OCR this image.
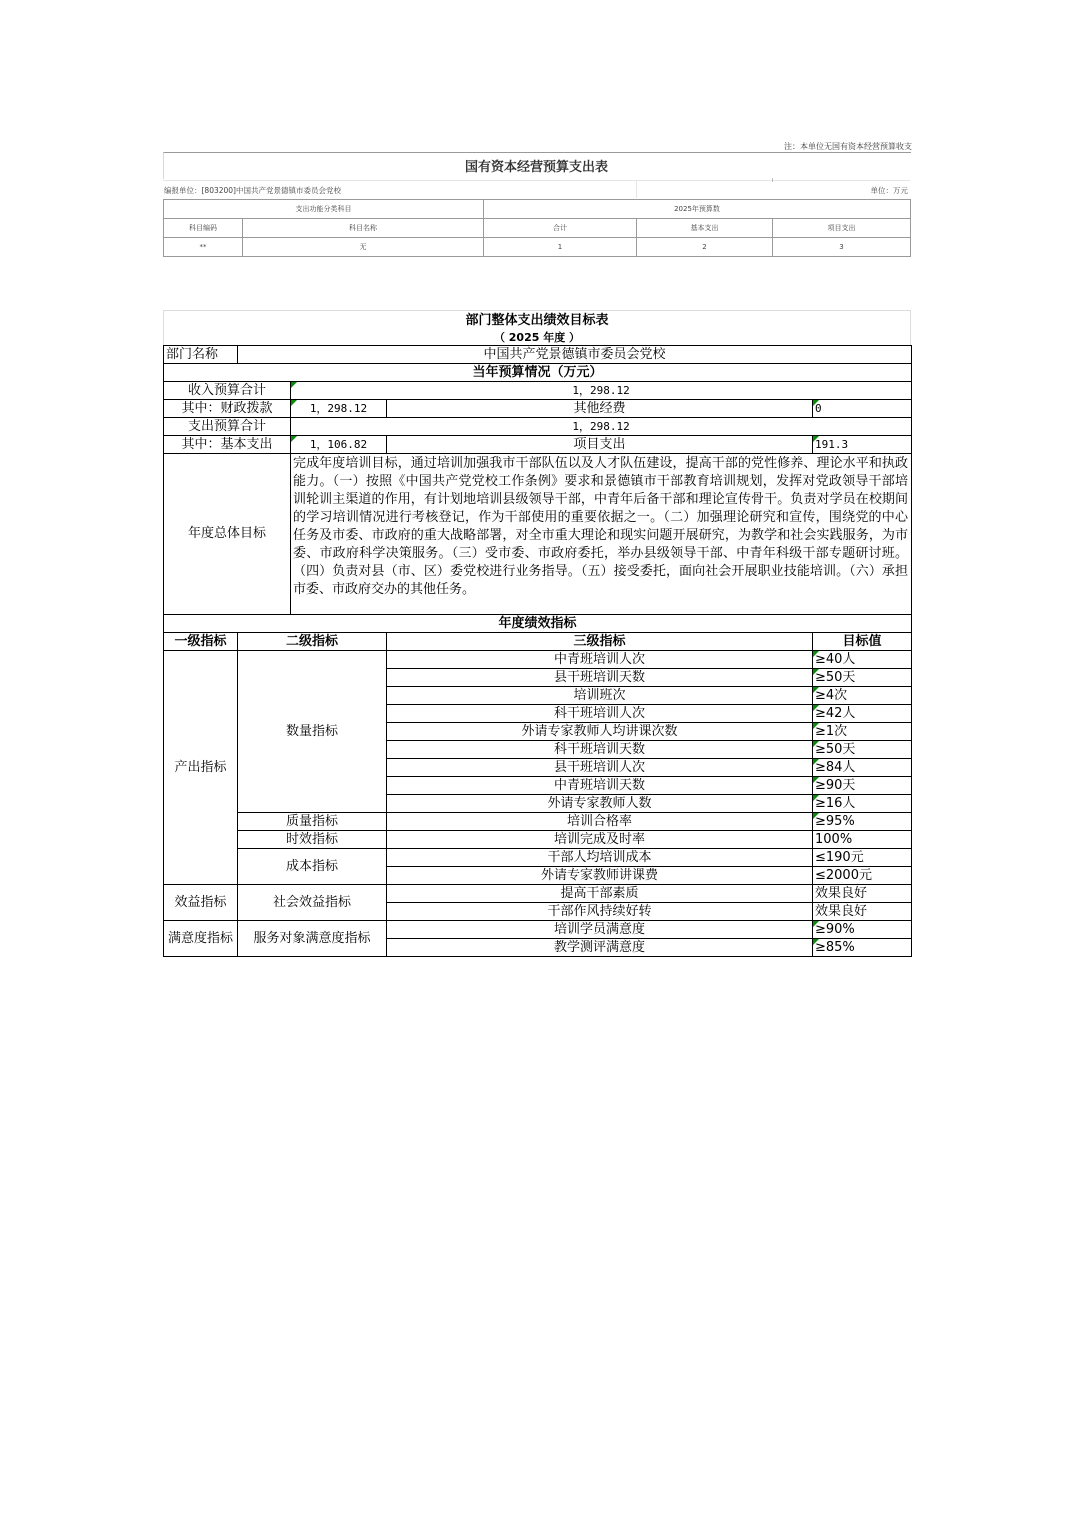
注：本单位无国有资本经营预算收支
国有资本经营预算支出表
编报单位：[803200]中国共产党景德镇市委员会党校	单位：万元
支出功能分类科目		2025年预算数		
科目编码	科目名称	合计	基本支出	项目支出
**	无	1	2	3
部门整体支出绩效目标表
（ 2025 年度 ）
部门名称	中国共产党景德镇市委员会党校			
当年预算情况（万元）				
收入预算合计		1，298.12		
其中：财政拨款		1，298.12	其他经费	0
支出预算合计		1，298.12		
其中：基本支出		1，106.82	项目支出	191.3
年度总体目标		完成年度培训目标，通过培训加强我市干部队伍以及人才队伍建设，提高干部的党性修养、理论水平和执政能力。（一）按照《中国共产党党校工作条例》要求和景德镇市干部教育培训规划，发挥对党政领导干部培训轮训主渠道的作用，有计划地培训县级领导干部，中青年后备干部和理论宣传骨干。负责对学员在校期间的学习培训情况进行考核登记，作为干部使用的重要依据之一。（二）加强理论研究和宣传，围绕党的中心任务及市委、市政府的重大战略部署，对全市重大理论和现实问题开展研究，为教学和社会实践服务，为市委、市政府科学决策服务。（三）受市委、市政府委托，举办县级领导干部、中青年科级干部专题研讨班。（四）负责对县（市、区）委党校进行业务指导。（五）接受委托，面向社会开展职业技能培训。（六）承担市委、市政府交办的其他任务。		
年度绩效指标				
一级指标	二级指标		三级指标	目标值
产出指标	数量指标		中青班培训人次	≥40人
			县干班培训天数	≥50天
			培训班次	≥4次
			科干班培训人次	≥42人
			外请专家教师人均讲课次数	≥1次
			科干班培训天数	≥50天
			县干班培训人次	≥84人
			中青班培训天数	≥90天
			外请专家教师人数	≥16人
	质量指标		培训合格率	≥95%
	时效指标		培训完成及时率	100%
	成本指标		干部人均培训成本	≤190元
			外请专家教师讲课费	≤2000元
效益指标	社会效益指标		提高干部素质	效果良好
			干部作风持续好转	效果良好
满意度指标	服务对象满意度指标		培训学员满意度	≥90%
			教学测评满意度	≥85%
